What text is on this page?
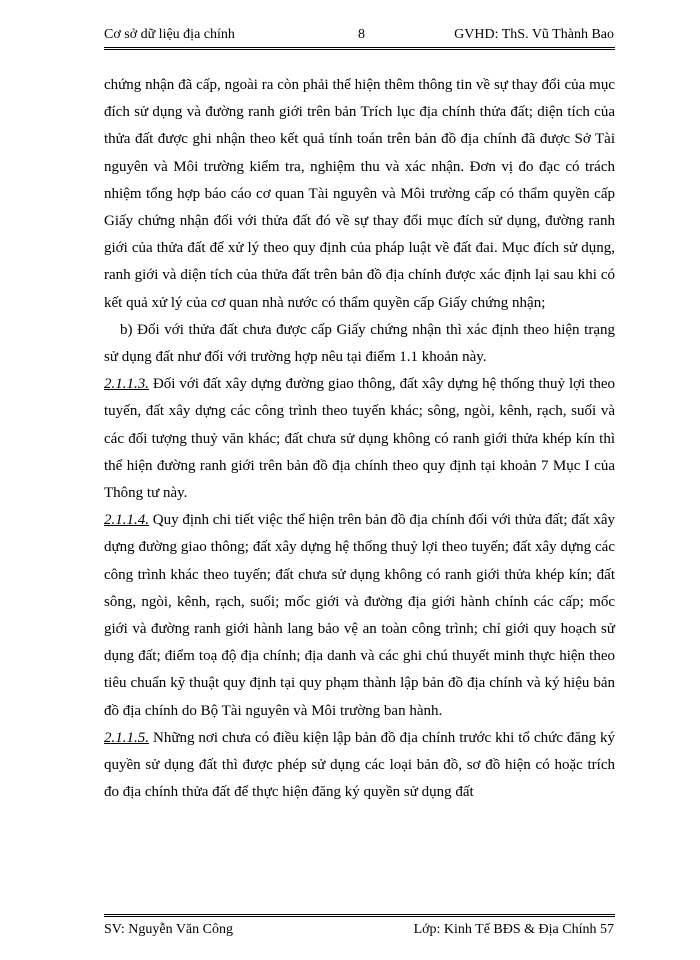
Cơ sở dữ liệu địa chính	8	GVHD: ThS. Vũ Thành Bao

chứng nhận đã cấp, ngoài ra còn phải thể hiện thêm thông tin về sự thay đổi của mục đích sử dụng và đường ranh giới trên bản Trích lục địa chính thửa đất; diện tích của thửa đất được ghi nhận theo kết quả tính toán trên bản đồ địa chính đã được Sở Tài nguyên và Môi trường kiểm tra, nghiệm thu và xác nhận. Đơn vị đo đạc có trách nhiệm tổng hợp báo cáo cơ quan Tài nguyên và Môi trường cấp có thẩm quyền cấp Giấy chứng nhận đối với thửa đất đó về sự thay đổi mục đích sử dụng, đường ranh giới của thửa đất để xử lý theo quy định của pháp luật về đất đai. Mục đích sử dụng, ranh giới và diện tích của thửa đất trên bản đồ địa chính được xác định lại sau khi có kết quả xử lý của cơ quan nhà nước có thẩm quyền cấp Giấy chứng nhận;

b) Đối với thửa đất chưa được cấp Giấy chứng nhận thì xác định theo hiện trạng sử dụng đất như đối với trường hợp nêu tại điểm 1.1 khoản này.

2.1.1.3. Đối với đất xây dựng đường giao thông, đất xây dựng hệ thống thuỷ lợi theo tuyến, đất xây dựng các công trình theo tuyến khác; sông, ngòi, kênh, rạch, suối và các đối tượng thuỷ văn khác; đất chưa sử dụng không có ranh giới thửa khép kín thì thể hiện đường ranh giới trên bản đồ địa chính theo quy định tại khoản 7 Mục I của Thông tư này.

2.1.1.4. Quy định chi tiết việc thể hiện trên bản đồ địa chính đối với thửa đất; đất xây dựng đường giao thông; đất xây dựng hệ thống thuỷ lợi theo tuyến; đất xây dựng các công trình khác theo tuyến; đất chưa sử dụng không có ranh giới thửa khép kín; đất sông, ngòi, kênh, rạch, suối; mốc giới và đường địa giới hành chính các cấp; mốc giới và đường ranh giới hành lang bảo vệ an toàn công trình; chỉ giới quy hoạch sử dụng đất; điểm toạ độ địa chính; địa danh và các ghi chú thuyết minh thực hiện theo tiêu chuẩn kỹ thuật quy định tại quy phạm thành lập bản đồ địa chính và ký hiệu bản đồ địa chính do Bộ Tài nguyên và Môi trường ban hành.

2.1.1.5. Những nơi chưa có điều kiện lập bản đồ địa chính trước khi tổ chức đăng ký quyền sử dụng đất thì được phép sử dụng các loại bản đồ, sơ đồ hiện có hoặc trích đo địa chính thửa đất để thực hiện đăng ký quyền sử dụng đất

SV: Nguyễn Văn Công	Lớp: Kinh Tế BĐS & Địa Chính 57
